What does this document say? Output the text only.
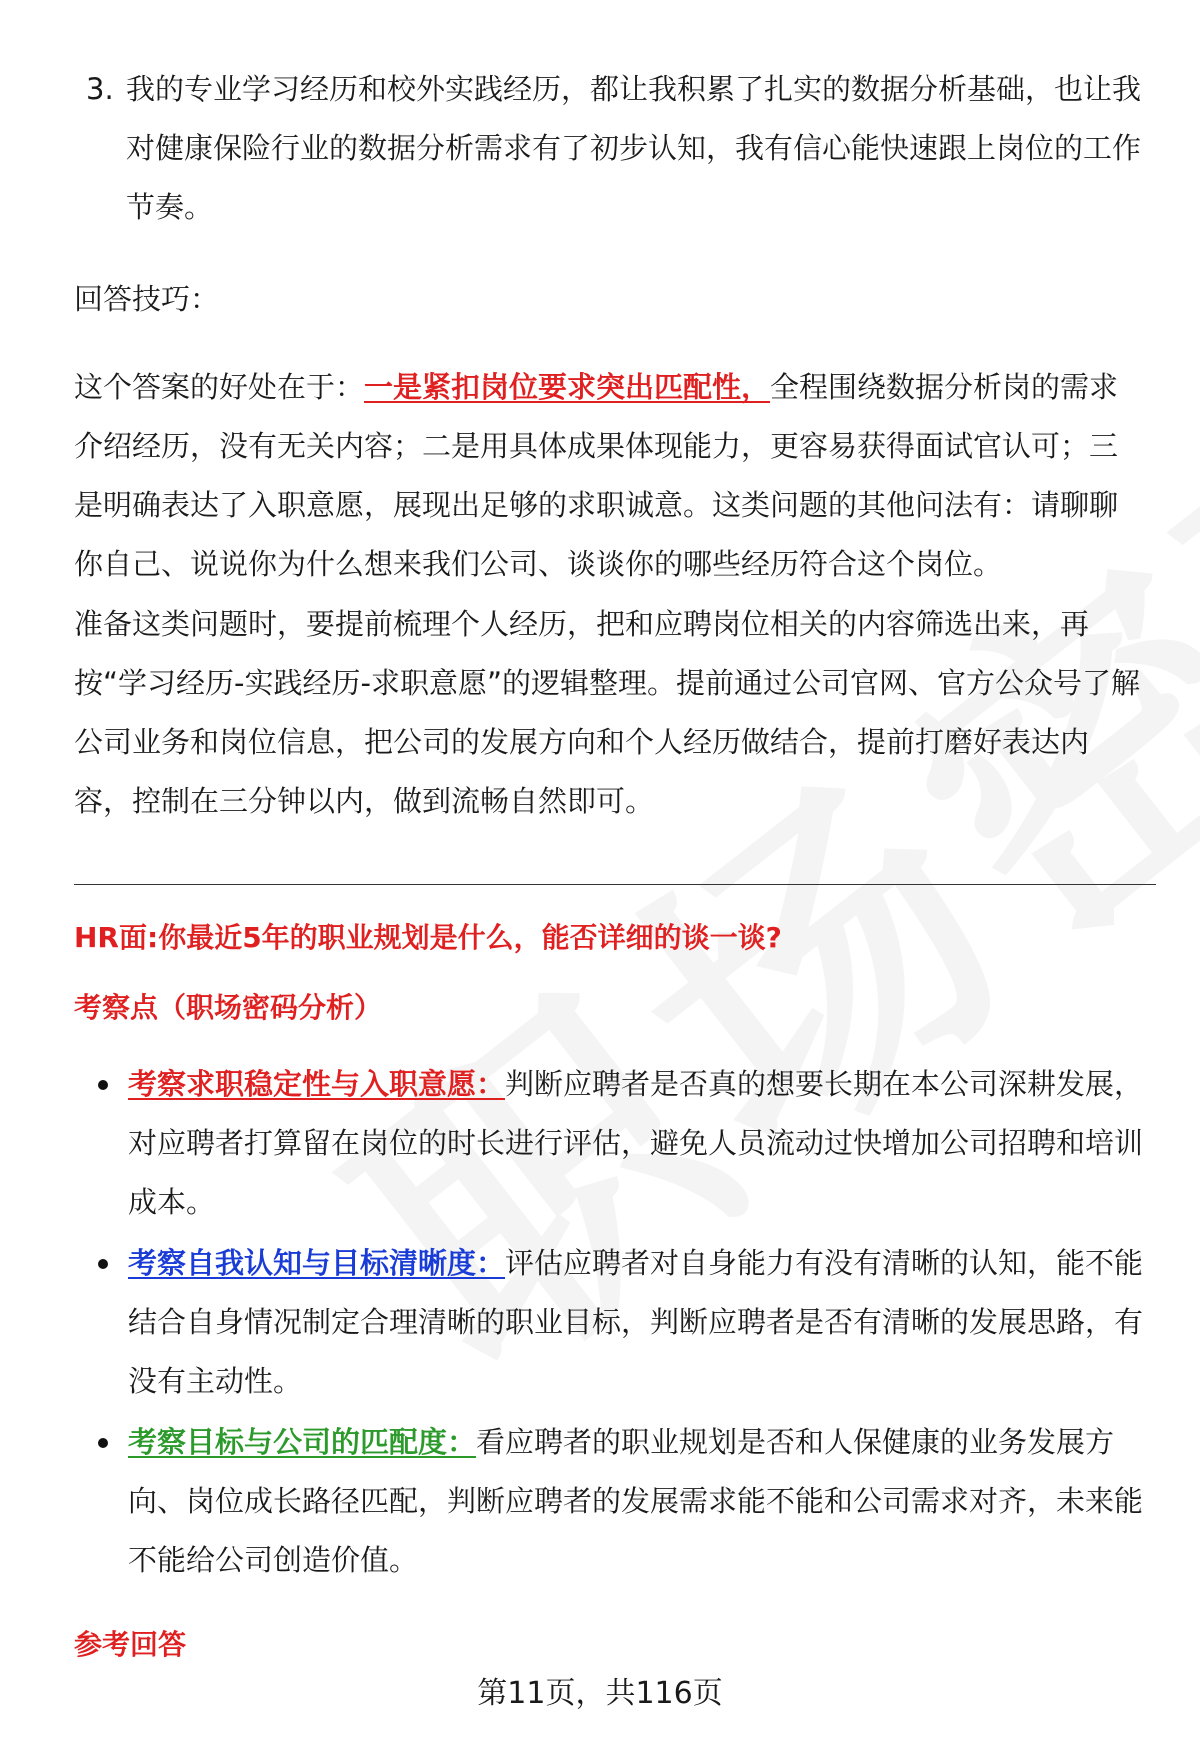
3. 我的专业学习经历和校外实践经历，都让我积累了扎实的数据分析基础，也让我对健康保险行业的数据分析需求有了初步认知，我有信心能快速跟上岗位的工作节奏。
回答技巧：
这个答案的好处在于：一是紧扣岗位要求突出匹配性，全程围绕数据分析岗的需求介绍经历，没有无关内容；二是用具体成果体现能力，更容易获得面试官认可；三是明确表达了入职意愿，展现出足够的求职诚意。这类问题的其他问法有：请聊聊你自己、说说你为什么想来我们公司、谈谈你的哪些经历符合这个岗位。
准备这类问题时，要提前梳理个人经历，把和应聘岗位相关的内容筛选出来，再按“学习经历-实践经历-求职意愿”的逻辑整理。提前通过公司官网、官方公众号了解公司业务和岗位信息，把公司的发展方向和个人经历做结合，提前打磨好表达内容，控制在三分钟以内，做到流畅自然即可。
HR面:你最近5年的职业规划是什么，能否详细的谈一谈?
考察点（职场密码分析）
考察求职稳定性与入职意愿：判断应聘者是否真的想要长期在本公司深耕发展，对应聘者打算留在岗位的时长进行评估，避免人员流动过快增加公司招聘和培训成本。
考察自我认知与目标清晰度：评估应聘者对自身能力有没有清晰的认知，能不能结合自身情况制定合理清晰的职业目标，判断应聘者是否有清晰的发展思路，有没有主动性。
考察目标与公司的匹配度：看应聘者的职业规划是否和人保健康的业务发展方向、岗位成长路径匹配，判断应聘者的发展需求能不能和公司需求对齐，未来能不能给公司创造价值。
参考回答
第11页，共116页
